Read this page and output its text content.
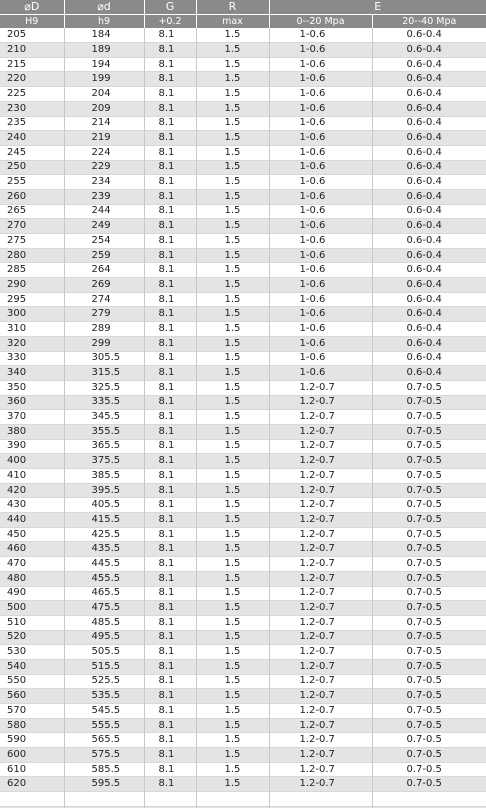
⌀D	⌀d	G	R	E	
H9	h9	+0.2	max	0--20 Mpa	20--40 Mpa
205	184	8.1	1.5	1-0.6	0.6-0.4
210	189	8.1	1.5	1-0.6	0.6-0.4
215	194	8.1	1.5	1-0.6	0.6-0.4
220	199	8.1	1.5	1-0.6	0.6-0.4
225	204	8.1	1.5	1-0.6	0.6-0.4
230	209	8.1	1.5	1-0.6	0.6-0.4
235	214	8.1	1.5	1-0.6	0.6-0.4
240	219	8.1	1.5	1-0.6	0.6-0.4
245	224	8.1	1.5	1-0.6	0.6-0.4
250	229	8.1	1.5	1-0.6	0.6-0.4
255	234	8.1	1.5	1-0.6	0.6-0.4
260	239	8.1	1.5	1-0.6	0.6-0.4
265	244	8.1	1.5	1-0.6	0.6-0.4
270	249	8.1	1.5	1-0.6	0.6-0.4
275	254	8.1	1.5	1-0.6	0.6-0.4
280	259	8.1	1.5	1-0.6	0.6-0.4
285	264	8.1	1.5	1-0.6	0.6-0.4
290	269	8.1	1.5	1-0.6	0.6-0.4
295	274	8.1	1.5	1-0.6	0.6-0.4
300	279	8.1	1.5	1-0.6	0.6-0.4
310	289	8.1	1.5	1-0.6	0.6-0.4
320	299	8.1	1.5	1-0.6	0.6-0.4
330	305.5	8.1	1.5	1-0.6	0.6-0.4
340	315.5	8.1	1.5	1-0.6	0.6-0.4
350	325.5	8.1	1.5	1.2-0.7	0.7-0.5
360	335.5	8.1	1.5	1.2-0.7	0.7-0.5
370	345.5	8.1	1.5	1.2-0.7	0.7-0.5
380	355.5	8.1	1.5	1.2-0.7	0.7-0.5
390	365.5	8.1	1.5	1.2-0.7	0.7-0.5
400	375.5	8.1	1.5	1.2-0.7	0.7-0.5
410	385.5	8.1	1.5	1.2-0.7	0.7-0.5
420	395.5	8.1	1.5	1.2-0.7	0.7-0.5
430	405.5	8.1	1.5	1.2-0.7	0.7-0.5
440	415.5	8.1	1.5	1.2-0.7	0.7-0.5
450	425.5	8.1	1.5	1.2-0.7	0.7-0.5
460	435.5	8.1	1.5	1.2-0.7	0.7-0.5
470	445.5	8.1	1.5	1.2-0.7	0.7-0.5
480	455.5	8.1	1.5	1.2-0.7	0.7-0.5
490	465.5	8.1	1.5	1.2-0.7	0.7-0.5
500	475.5	8.1	1.5	1.2-0.7	0.7-0.5
510	485.5	8.1	1.5	1.2-0.7	0.7-0.5
520	495.5	8.1	1.5	1.2-0.7	0.7-0.5
530	505.5	8.1	1.5	1.2-0.7	0.7-0.5
540	515.5	8.1	1.5	1.2-0.7	0.7-0.5
550	525.5	8.1	1.5	1.2-0.7	0.7-0.5
560	535.5	8.1	1.5	1.2-0.7	0.7-0.5
570	545.5	8.1	1.5	1.2-0.7	0.7-0.5
580	555.5	8.1	1.5	1.2-0.7	0.7-0.5
590	565.5	8.1	1.5	1.2-0.7	0.7-0.5
600	575.5	8.1	1.5	1.2-0.7	0.7-0.5
610	585.5	8.1	1.5	1.2-0.7	0.7-0.5
620	595.5	8.1	1.5	1.2-0.7	0.7-0.5
